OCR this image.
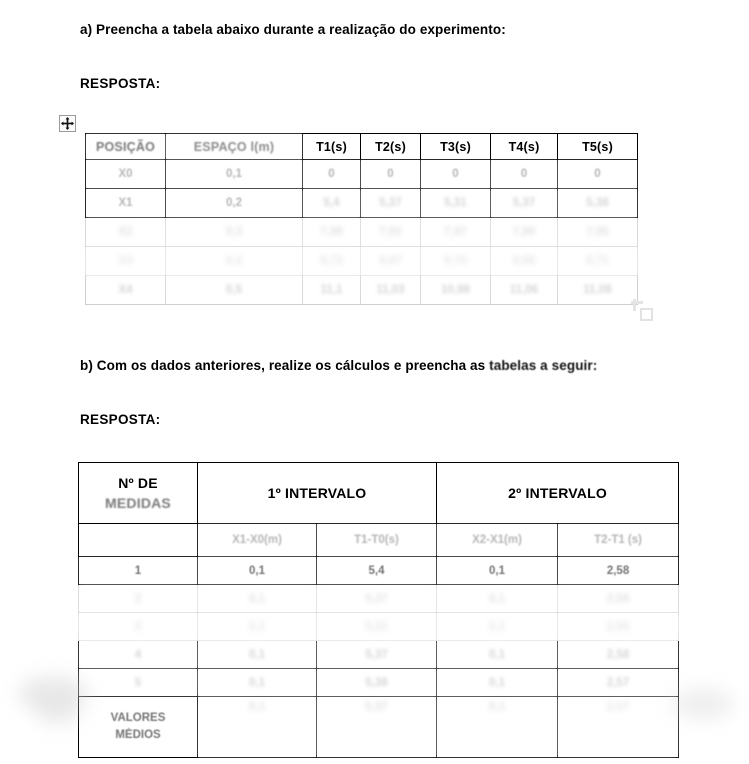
a) Preencha a tabela abaixo durante a realização do experimento:
RESPOSTA:
POSIÇÃO	ESPAÇO l(m)	T1(s)	T2(s)	T3(s)	T4(s)	T5(s)
X0	0,1	0	0	0	0	0
X1	0,2	5,4	5,37	5,31	5,37	5,38
X2	0,3	7,98	7,92	7,97	7,96	7,95
X3	0,4	9,72	9,67	9,70	9,68	9,71
X4	0,5	11,1	11,03	10,98	11,06	11,08
b) Com os dados anteriores, realize os cálculos e preencha as tabelas a seguir:
RESPOSTA:
Nº DE
MEDIDAS	1º INTERVALO		2º INTERVALO	
	X1-X0(m)	T1-T0(s)	X2-X1(m)	T2-T1 (s)
1	0,1	5,4	0,1	2,58
2	0,1	5,37	0,1	2,58
3	0,1	5,31	0,1	2,56
4	0,1	5,37	0,1	2,58
5	0,1	5,38	0,1	2,57

VALORES
MÉDIOS	0,1	5,37	0,1	2,57
